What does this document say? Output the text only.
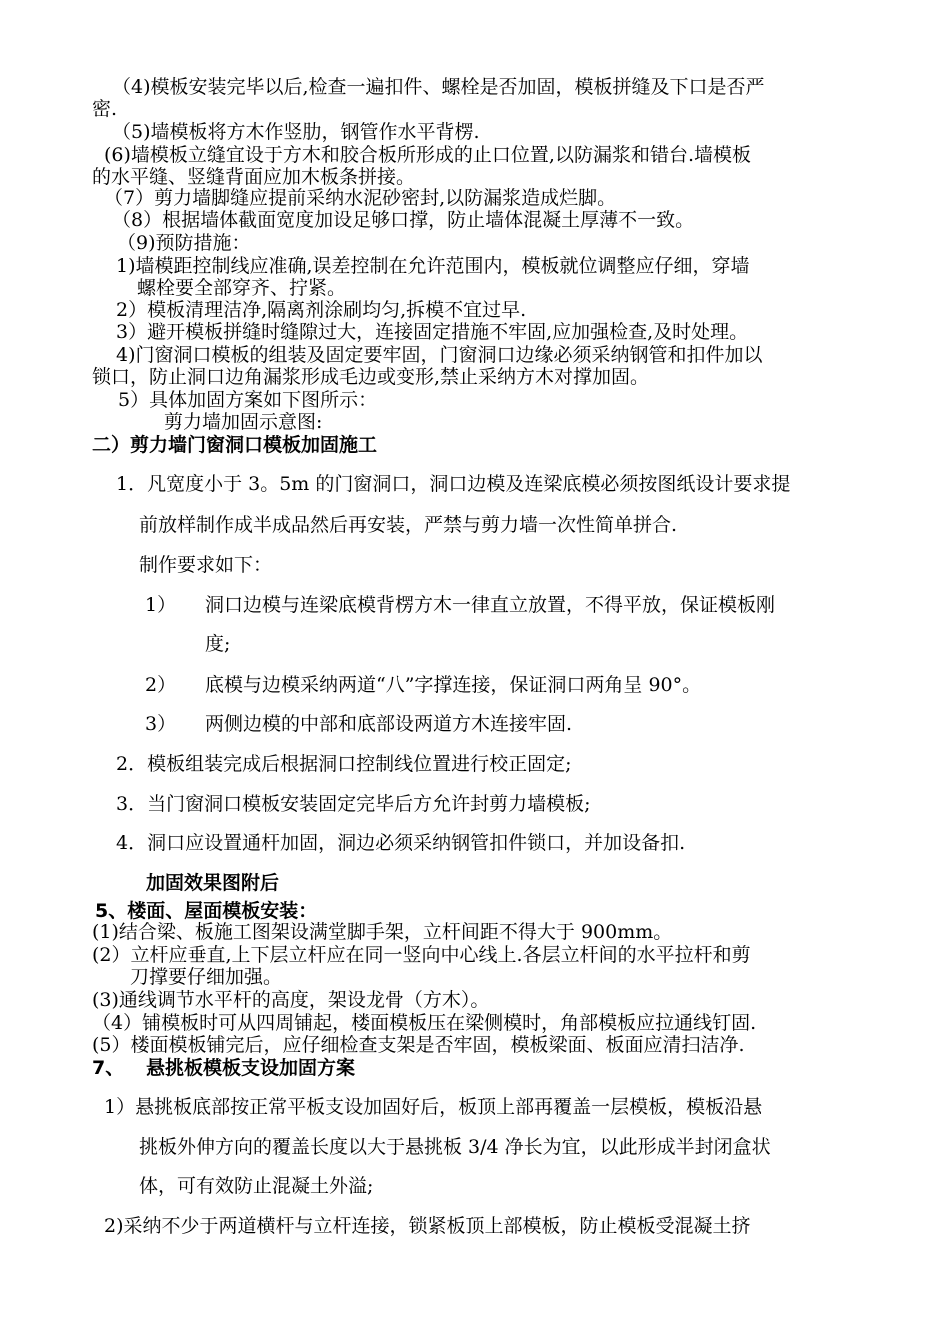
（4)模板安装完毕以后,检查一遍扣件、螺栓是否加固，模板拼缝及下口是否严
密.
（5)墙模板将方木作竖肋，钢管作水平背楞.
(6)墙模板立缝宜设于方木和胶合板所形成的止口位置,以防漏浆和错台.墙模板
的水平缝、竖缝背面应加木板条拼接。
（7）剪力墙脚缝应提前采纳水泥砂密封,以防漏浆造成烂脚。
（8）根据墙体截面宽度加设足够口撑，防止墙体混凝土厚薄不一致。
（9)预防措施：
1)墙模距控制线应准确,误差控制在允许范围内，模板就位调整应仔细，穿墙
螺栓要全部穿齐、拧紧。
2）模板清理洁净,隔离剂涂刷均匀,拆模不宜过早.
3）避开模板拼缝时缝隙过大，连接固定措施不牢固,应加强检查,及时处理。
4)门窗洞口模板的组装及固定要牢固，门窗洞口边缘必须采纳钢管和扣件加以
锁口，防止洞口边角漏浆形成毛边或变形,禁止采纳方木对撑加固。
5）具体加固方案如下图所示：
剪力墙加固示意图:
二）剪力墙门窗洞口模板加固施工
1．凡宽度小于 3。5m 的门窗洞口，洞口边模及连梁底模必须按图纸设计要求提
前放样制作成半成品然后再安装，严禁与剪力墙一次性简单拼合.
制作要求如下：
1） 洞口边模与连梁底模背楞方木一律直立放置，不得平放，保证模板刚
度;
2） 底模与边模采纳两道“八”字撑连接，保证洞口两角呈 90°。
3） 两侧边模的中部和底部设两道方木连接牢固.
2．模板组装完成后根据洞口控制线位置进行校正固定;
3．当门窗洞口模板安装固定完毕后方允许封剪力墙模板;
4．洞口应设置通杆加固，洞边必须采纳钢管扣件锁口，并加设备扣.
加固效果图附后
5、楼面、屋面模板安装：
(1)结合梁、板施工图架设满堂脚手架，立杆间距不得大于 900mm。
(2）立杆应垂直,上下层立杆应在同一竖向中心线上.各层立杆间的水平拉杆和剪
刀撑要仔细加强。
(3)通线调节水平杆的高度，架设龙骨（方木）。
（4）铺模板时可从四周铺起，楼面模板压在梁侧模时，角部模板应拉通线钉固.
(5）楼面模板铺完后，应仔细检查支架是否牢固，模板梁面、板面应清扫洁净.
7、 悬挑板模板支设加固方案
1）悬挑板底部按正常平板支设加固好后，板顶上部再覆盖一层模板，模板沿悬
挑板外伸方向的覆盖长度以大于悬挑板 3/4 净长为宜，以此形成半封闭盒状
体，可有效防止混凝土外溢;
2)采纳不少于两道横杆与立杆连接，锁紧板顶上部模板，防止模板受混凝土挤
